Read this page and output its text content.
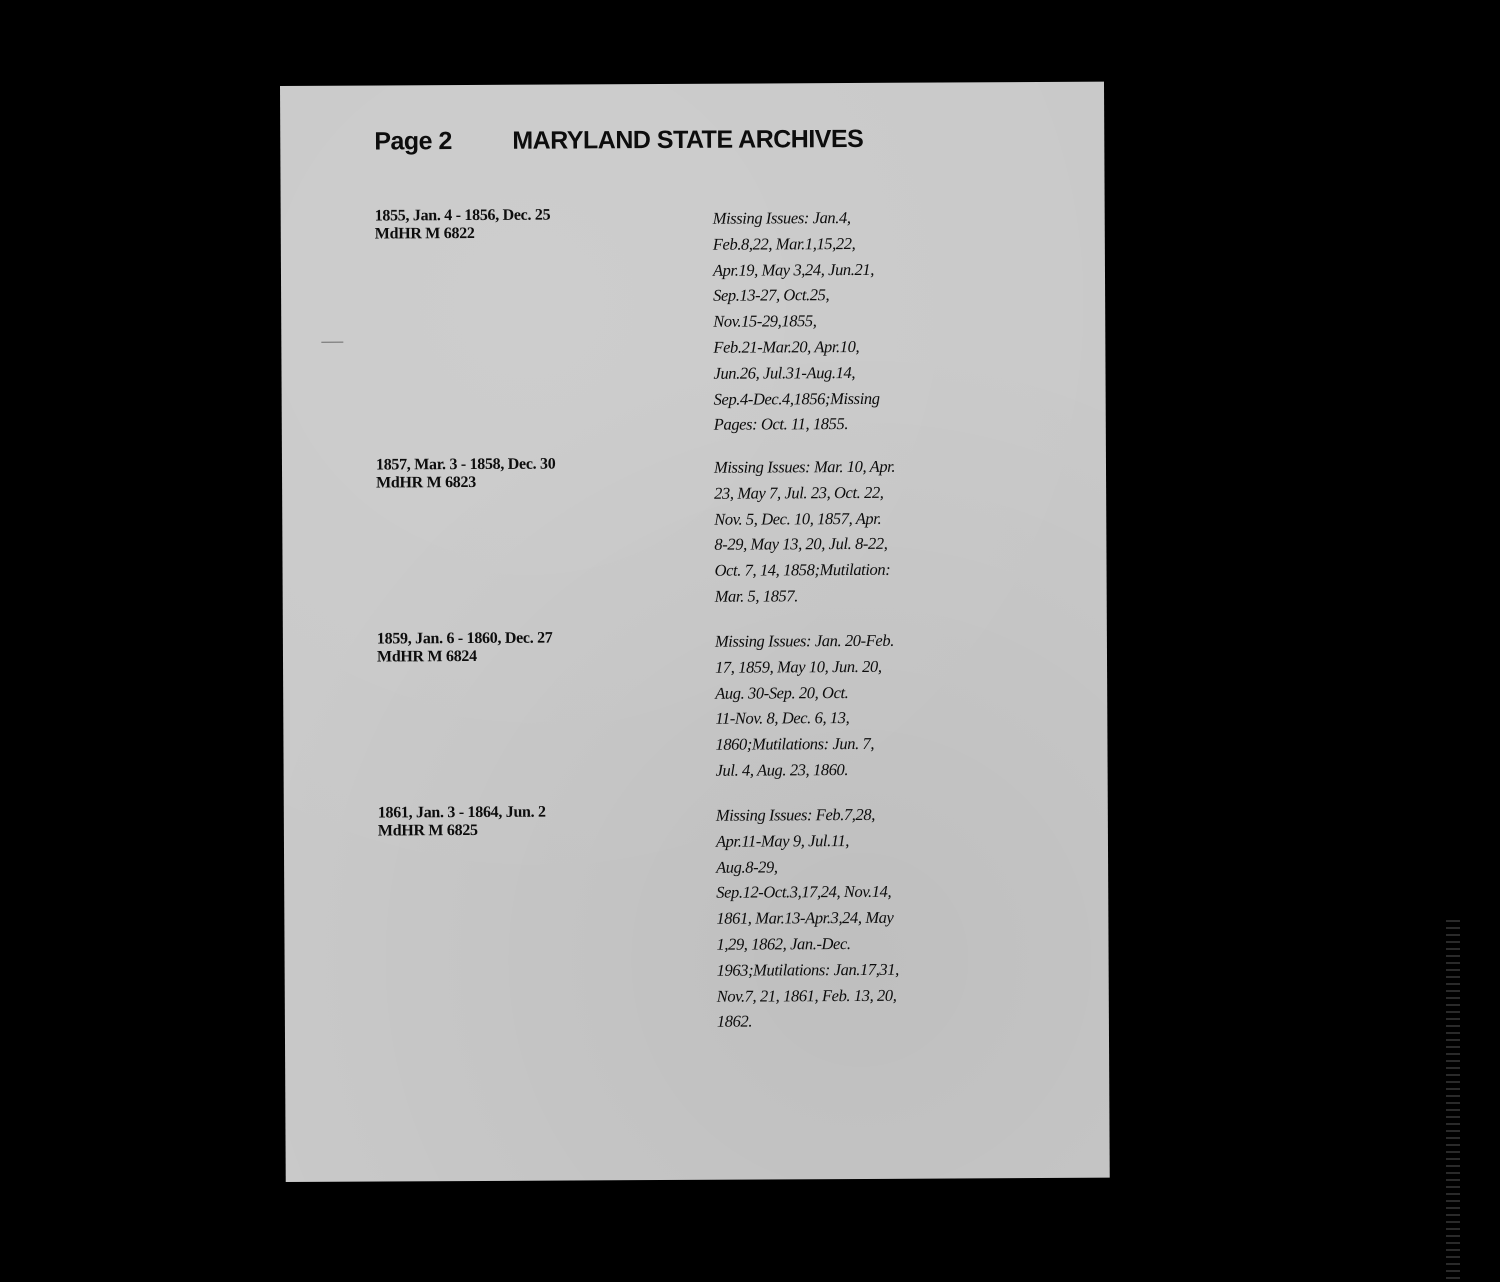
Page 2 MARYLAND STATE ARCHIVES
1855, Jan. 4 - 1856, Dec. 25
MdHR M 6822
Missing Issues: Jan.4,
Feb.8,22, Mar.1,15,22,
Apr.19, May 3,24, Jun.21,
Sep.13-27, Oct.25,
Nov.15-29,1855,
Feb.21-Mar.20, Apr.10,
Jun.26, Jul.31-Aug.14,
Sep.4-Dec.4,1856;Missing
Pages: Oct. 11, 1855.
1857, Mar. 3 - 1858, Dec. 30
MdHR M 6823
Missing Issues: Mar. 10, Apr.
23, May 7, Jul. 23, Oct. 22,
Nov. 5, Dec. 10, 1857, Apr.
8-29, May 13, 20, Jul. 8-22,
Oct. 7, 14, 1858;Mutilation:
Mar. 5, 1857.
1859, Jan. 6 - 1860, Dec. 27
MdHR M 6824
Missing Issues: Jan. 20-Feb.
17, 1859, May 10, Jun. 20,
Aug. 30-Sep. 20, Oct.
11-Nov. 8, Dec. 6, 13,
1860;Mutilations: Jun. 7,
Jul. 4, Aug. 23, 1860.
1861, Jan. 3 - 1864, Jun. 2
MdHR M 6825
Missing Issues: Feb.7,28,
Apr.11-May 9, Jul.11,
Aug.8-29,
Sep.12-Oct.3,17,24, Nov.14,
1861, Mar.13-Apr.3,24, May
1,29, 1862, Jan.-Dec.
1963;Mutilations: Jan.17,31,
Nov.7, 21, 1861, Feb. 13, 20,
1862.
